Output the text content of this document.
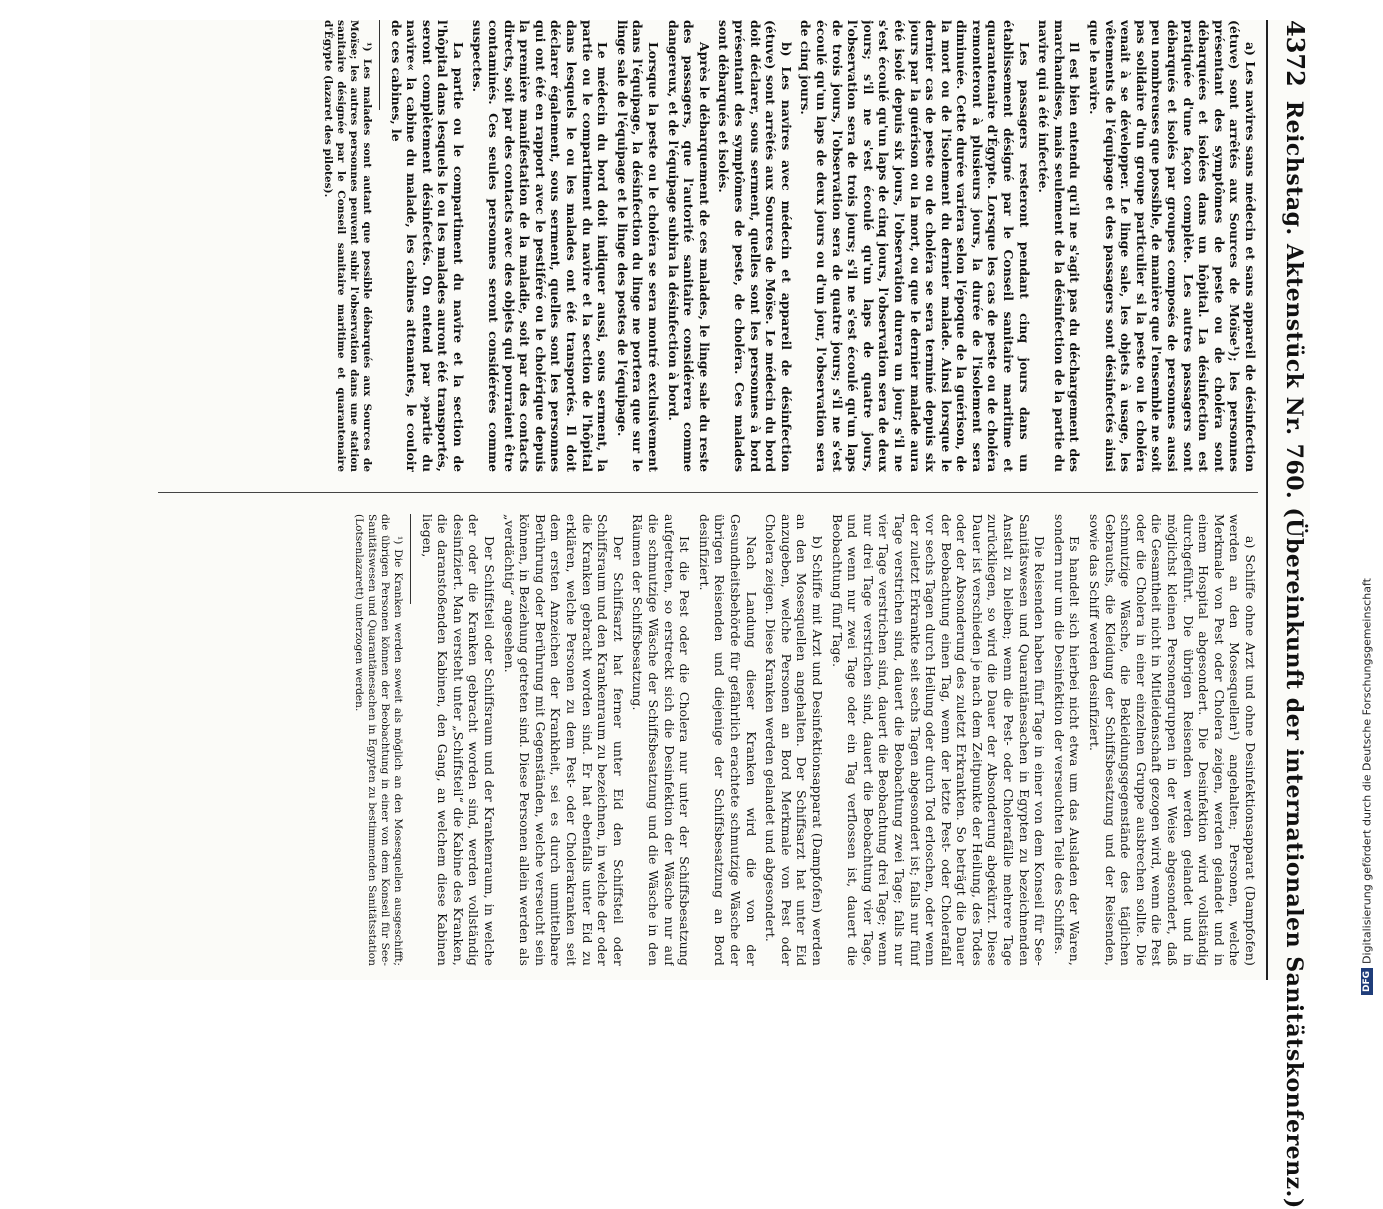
4372
Reichstag. Aktenstück Nr. 760. (Übereinkunft der internationalen Sanitätskonferenz.)

a) Les navires sans médecin et sans appareil de désinfection (étuve) sont arrêtés aux Sources de Moïse¹); les personnes présentant des symptômes de peste ou de choléra sont débarquées et isolées dans un hôpital. La désinfection est pratiquée d'une façon complète. Les autres passagers sont débarqués et isolés par groupes composés de personnes aussi peu nombreuses que possible, de manière que l'ensemble ne soit pas solidaire d'un groupe particulier si la peste ou le choléra venait à se développer. Le linge sale, les objets à usage, les vêtements de l'équipage et des passagers sont désinfectés ainsi que le navire.

Il est bien entendu qu'il ne s'agit pas du déchargement des marchandises, mais seulement de la désinfection de la partie du navire qui a été infectée.

Les passagers resteront pendant cinq jours dans un établissement désigné par le Conseil sanitaire maritime et quarantenaire d'Égypte. Lorsque les cas de peste ou de choléra remonteront à plusieurs jours, la durée de l'isolement sera diminuée. Cette durée variera selon l'époque de la guérison, de la mort ou de l'isolement du dernier malade. Ainsi lorsque le dernier cas de peste ou de choléra se sera terminé depuis six jours par la guérison ou la mort, ou que le dernier malade aura été isolé depuis six jours, l'observation durera un jour; s'il ne s'est écoulé qu'un laps de cinq jours, l'observation sera de deux jours; s'il ne s'est écoulé qu'un laps de quatre jours, l'observation sera de trois jours; s'il ne s'est écoulé qu'un laps de trois jours, l'observation sera de quatre jours; s'il ne s'est écoulé qu'un laps de deux jours ou d'un jour, l'observation sera de cinq jours.

b) Les navires avec médecin et appareil de désinfection (étuve) sont arrêtés aux Sources de Moïse. Le médecin du bord doit déclarer, sous serment, quelles sont les personnes à bord présentant des symptômes de peste, de choléra. Ces malades sont débarqués et isolés.

Après le débarquement de ces malades, le linge sale du reste des passagers, que l'autorité sanitaire considérera comme dangereux, et de l'équipage subira la désinfection à bord.

Lorsque la peste ou le choléra se sera montré exclusivement dans l'équipage, la désinfection du linge ne portera que sur le linge sale de l'équipage et le linge des postes de l'équipage.

Le médecin du bord doit indiquer aussi, sous serment, la partie ou le compartiment du navire et la section de l'hôpital dans lesquels le ou les malades ont été transportés. Il doit déclarer également, sous serment, quelles sont les personnes qui ont été en rapport avec le pestiféré ou le cholérique depuis la première manifestation de la maladie, soit par des contacts directs, soit par des contacts avec des objets qui pourraient être contaminés. Ces seules personnes seront considérées comme suspectes.

La partie ou le compartiment du navire et la section de l'hôpital dans lesquels le ou les malades auront été transportés, seront complètement désinfectés. On entend par »partie du navire« la cabine du malade, les cabines attenantes, le couloir de ces cabines, le

¹) Les malades sont autant que possible débarqués aux Sources de Moïse; les autres personnes peuvent subir l'observation dans une station sanitaire désignée par le Conseil sanitaire maritime et quarantenaire d'Égypte (lazaret des pilotes).

a) Schiffe ohne Arzt und ohne Desinfektionsapparat (Dampfofen) werden an den Mosesquellen¹) angehalten; Personen, welche Merkmale von Pest oder Cholera zeigen, werden gelandet und in einem Hospital abgesondert. Die Desinfektion wird vollständig durchgeführt. Die übrigen Reisenden werden gelandet und in möglichst kleinen Personengruppen in der Weise abgesondert, daß die Gesamtheit nicht in Mitleidenschaft gezogen wird, wenn die Pest oder die Cholera in einer einzelnen Gruppe ausbrechen sollte. Die schmutzige Wäsche, die Bekleidungsgegenstände des täglichen Gebrauchs, die Kleidung der Schiffsbesatzung und der Reisenden, sowie das Schiff werden desinfiziert.

Es handelt sich hierbei nicht etwa um das Ausladen der Waren, sondern nur um die Desinfektion der verseuchten Teile des Schiffes.

Die Reisenden haben fünf Tage in einer von dem Konseil für See-Sanitätswesen und Quarantänesachen in Egypten zu bezeichnenden Anstalt zu bleiben; wenn die Pest- oder Cholerafälle mehrere Tage zurückliegen, so wird die Dauer der Absonderung abgekürzt. Diese Dauer ist verschieden je nach dem Zeitpunkte der Heilung, des Todes oder der Absonderung des zuletzt Erkrankten. So beträgt die Dauer der Beobachtung einen Tag, wenn der letzte Pest- oder Cholerafall vor sechs Tagen durch Heilung oder durch Tod erloschen, oder wenn der zuletzt Erkrankte seit sechs Tagen abgesondert ist; falls nur fünf Tage verstrichen sind, dauert die Beobachtung zwei Tage; falls nur vier Tage verstrichen sind, dauert die Beobachtung drei Tage; wenn nur drei Tage verstrichen sind, dauert die Beobachtung vier Tage, und wenn nur zwei Tage oder ein Tag verflossen ist, dauert die Beobachtung fünf Tage.

b) Schiffe mit Arzt und Desinfektionsapparat (Dampfofen) werden an den Mosesquellen angehalten. Der Schiffsarzt hat unter Eid anzugeben, welche Personen an Bord Merkmale von Pest oder Cholera zeigen. Diese Kranken werden gelandet und abgesondert.

Nach Landung dieser Kranken wird die von der Gesundheitsbehörde für gefährlich erachtete schmutzige Wäsche der übrigen Reisenden und diejenige der Schiffsbesatzung an Bord desinfiziert.

Ist die Pest oder die Cholera nur unter der Schiffsbesatzung aufgetreten, so erstreckt sich die Desinfektion der Wäsche nur auf die schmutzige Wäsche der Schiffsbesatzung und die Wäsche in den Räumen der Schiffsbesatzung.

Der Schiffsarzt hat ferner unter Eid den Schiffsteil oder Schiffsraum und den Krankenraum zu bezeichnen, in welche der oder die Kranken gebracht worden sind. Er hat ebenfalls unter Eid zu erklären, welche Personen zu dem Pest- oder Cholerakranken seit dem ersten Anzeichen der Krankheit, sei es durch unmittelbare Berührung oder Berührung mit Gegenständen, welche verseucht sein können, in Beziehung getreten sind. Diese Personen allein werden als „verdächtig“ angesehen.

Der Schiffsteil oder Schiffsraum und der Krankenraum, in welche der oder die Kranken gebracht worden sind, werden vollständig desinfiziert. Man versteht unter „Schiffsteil“ die Kabine des Kranken, die daranstoßenden Kabinen, den Gang, an welchem diese Kabinen liegen,

¹) Die Kranken werden soweit als möglich an den Mosesquellen ausgeschifft; die übrigen Personen können der Beobachtung in einer von dem Konseil für See-Sanitätswesen und Quarantänesachen in Egypten zu bestimmenden Sanitätsstation (Lotsenlazarett) unterzogen werden.

DFG
Digitalisierung gefördert durch die Deutsche Forschungsgemeinschaft
